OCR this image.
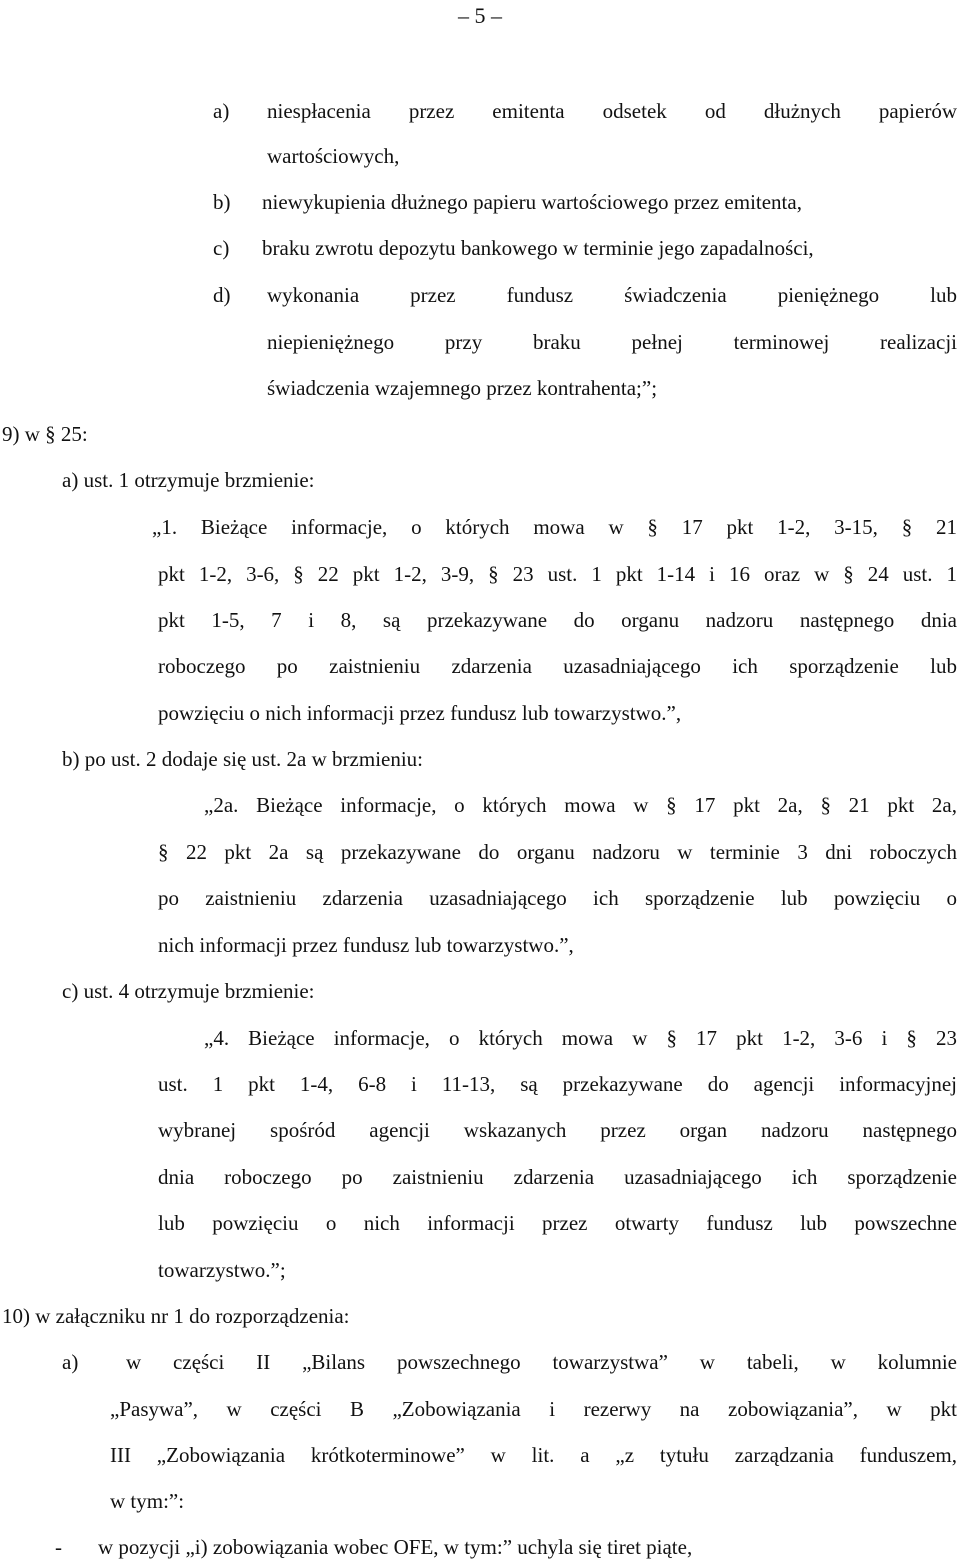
– 5 –
a) niespłacenia przez emitenta odsetek od dłużnych papierów
wartościowych,
b) niewykupienia dłużnego papieru wartościowego przez emitenta,
c) braku zwrotu depozytu bankowego w terminie jego zapadalności,
d) wykonania przez fundusz świadczenia pieniężnego lub
niepieniężnego przy braku pełnej terminowej realizacji
świadczenia wzajemnego przez kontrahenta;”;
9) w § 25:
a) ust. 1 otrzymuje brzmienie:
„1. Bieżące informacje, o których mowa w § 17 pkt 1-2, 3-15, § 21
pkt 1-2, 3-6, § 22 pkt 1-2, 3-9, § 23 ust. 1 pkt 1-14 i 16 oraz w § 24 ust. 1
pkt 1-5, 7 i 8, są przekazywane do organu nadzoru następnego dnia
roboczego po zaistnieniu zdarzenia uzasadniającego ich sporządzenie lub
powzięciu o nich informacji przez fundusz lub towarzystwo.”,
b) po ust. 2 dodaje się ust. 2a w brzmieniu:
„2a. Bieżące informacje, o których mowa w § 17 pkt 2a, § 21 pkt 2a,
§ 22 pkt 2a są przekazywane do organu nadzoru w terminie 3 dni roboczych
po zaistnieniu zdarzenia uzasadniającego ich sporządzenie lub powzięciu o
nich informacji przez fundusz lub towarzystwo.”,
c) ust. 4 otrzymuje brzmienie:
„4. Bieżące informacje, o których mowa w § 17 pkt 1-2, 3-6 i § 23
ust. 1 pkt 1-4, 6-8 i 11-13, są przekazywane do agencji informacyjnej
wybranej spośród agencji wskazanych przez organ nadzoru następnego
dnia roboczego po zaistnieniu zdarzenia uzasadniającego ich sporządzenie
lub powzięciu o nich informacji przez otwarty fundusz lub powszechne
towarzystwo.”;
10) w załączniku nr 1 do rozporządzenia:
a) w części II „Bilans powszechnego towarzystwa” w tabeli, w kolumnie
„Pasywa”, w części B „Zobowiązania i rezerwy na zobowiązania”, w pkt
III „Zobowiązania krótkoterminowe” w lit. a „z tytułu zarządzania funduszem,
w tym:”:
- w pozycji „i) zobowiązania wobec OFE, w tym:” uchyla się tiret piąte,
